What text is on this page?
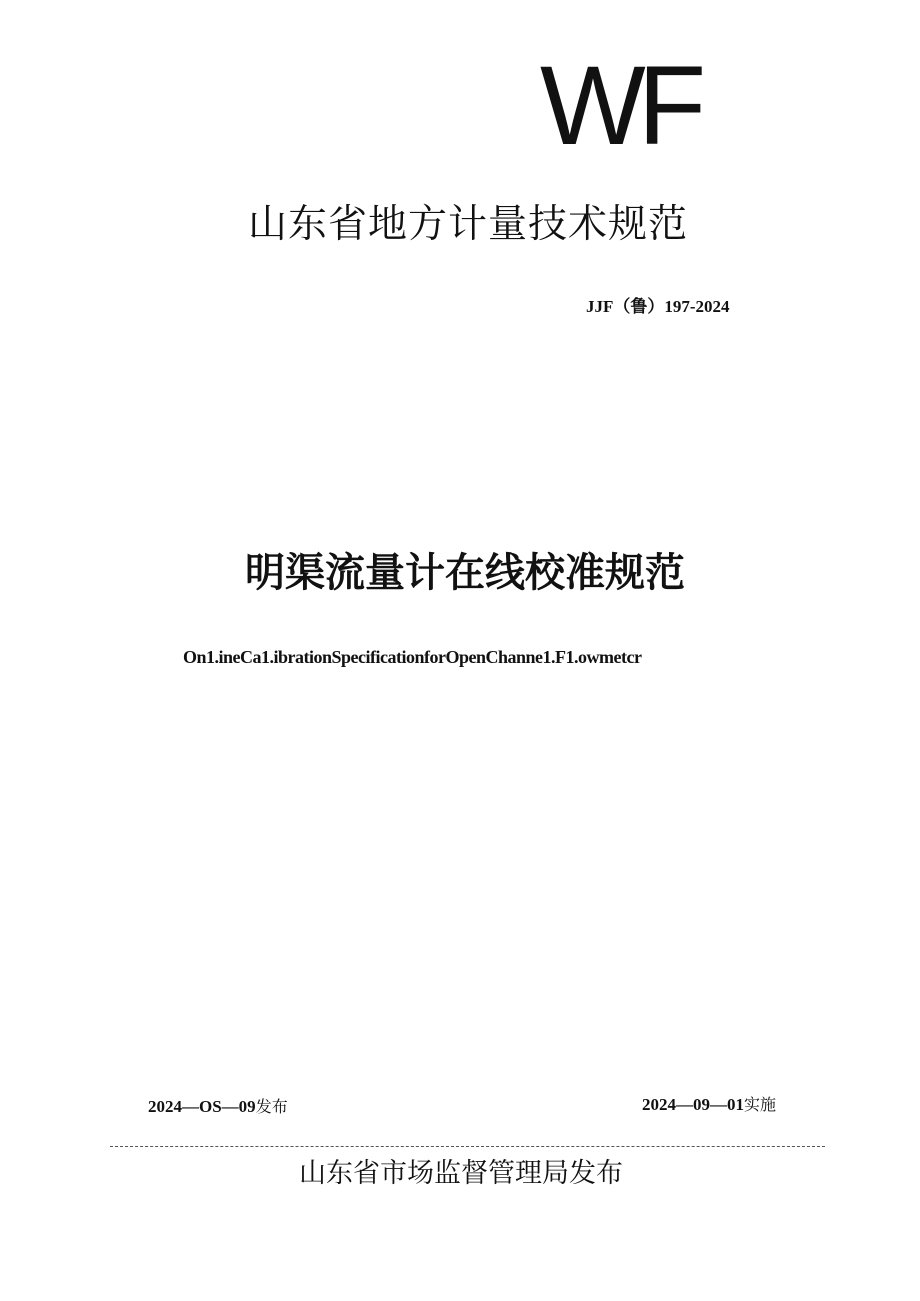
WF
山东省地方计量技术规范
JJF（鲁）197-2024
明渠流量计在线校准规范
On1.ineCa1.ibrationSpecificationforOpenChanne1.F1.owmetcr
2024—OS—09发布	2024—09—01实施
山东省市场监督管理局发布
